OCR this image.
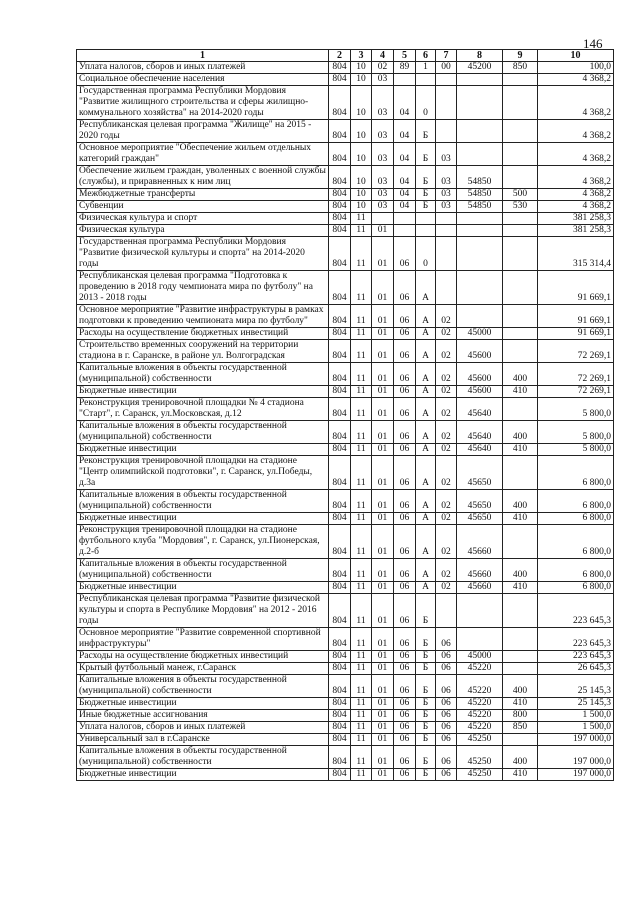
146
1	2	3	4	5	6	7	8	9	10
Уплата налогов, сборов и иных платежей	804	10	02	89	1	00	45200	850	100,0
Социальное обеспечение населения	804	10	03						4 368,2
Государственная программа Республики Мордовия "Развитие жилищного строительства и сферы жилищно-коммунального хозяйства" на 2014-2020 годы	804	10	03	04	0				4 368,2
Республиканская целевая программа "Жилище" на 2015 - 2020 годы	804	10	03	04	Б				4 368,2
Основное мероприятие "Обеспечение жильем отдельных категорий граждан"	804	10	03	04	Б	03			4 368,2
Обеспечение жильем граждан, уволенных с военной службы (службы), и приравненных к ним лиц	804	10	03	04	Б	03	54850		4 368,2
Межбюджетные трансферты	804	10	03	04	Б	03	54850	500	4 368,2
Субвенции	804	10	03	04	Б	03	54850	530	4 368,2
Физическая культура и спорт	804	11							381 258,3
Физическая культура	804	11	01						381 258,3
Государственная программа Республики Мордовия "Развитие физической культуры и спорта" на 2014-2020 годы	804	11	01	06	0				315 314,4
Республиканская целевая программа "Подготовка к проведению в 2018 году чемпионата мира по футболу" на 2013 - 2018 годы	804	11	01	06	А				91 669,1
Основное мероприятие "Развитие инфраструктуры в рамках подготовки к проведению чемпионата мира по футболу"	804	11	01	06	А	02			91 669,1
Расходы на осуществление бюджетных инвестиций	804	11	01	06	А	02	45000		91 669,1
Строительство временных сооружений на территории стадиона в г. Саранске, в районе ул. Волгоградская	804	11	01	06	А	02	45600		72 269,1
Капитальные вложения в объекты государственной (муниципальной) собственности	804	11	01	06	А	02	45600	400	72 269,1
Бюджетные инвестиции	804	11	01	06	А	02	45600	410	72 269,1
Реконструкция тренировочной площадки № 4 стадиона "Старт", г. Саранск, ул.Московская, д.12	804	11	01	06	А	02	45640		5 800,0
Капитальные вложения в объекты государственной (муниципальной) собственности	804	11	01	06	А	02	45640	400	5 800,0
Бюджетные инвестиции	804	11	01	06	А	02	45640	410	5 800,0
Реконструкция тренировочной площадки на стадионе "Центр олимпийской подготовки", г. Саранск, ул.Победы, д.3а	804	11	01	06	А	02	45650		6 800,0
Капитальные вложения в объекты государственной (муниципальной) собственности	804	11	01	06	А	02	45650	400	6 800,0
Бюджетные инвестиции	804	11	01	06	А	02	45650	410	6 800,0
Реконструкция тренировочной площадки на стадионе футбольного клуба "Мордовия", г. Саранск, ул.Пионерская, д.2-б	804	11	01	06	А	02	45660		6 800,0
Капитальные вложения в объекты государственной (муниципальной) собственности	804	11	01	06	А	02	45660	400	6 800,0
Бюджетные инвестиции	804	11	01	06	А	02	45660	410	6 800,0
Республиканская целевая программа "Развитие физической культуры и спорта в Республике Мордовия" на 2012 - 2016 годы	804	11	01	06	Б				223 645,3
Основное мероприятие "Развитие современной спортивной инфраструктуры"	804	11	01	06	Б	06			223 645,3
Расходы на осуществление бюджетных инвестиций	804	11	01	06	Б	06	45000		223 645,3
Крытый футбольный манеж, г.Саранск	804	11	01	06	Б	06	45220		26 645,3
Капитальные вложения в объекты государственной (муниципальной) собственности	804	11	01	06	Б	06	45220	400	25 145,3
Бюджетные инвестиции	804	11	01	06	Б	06	45220	410	25 145,3
Иные бюджетные ассигнования	804	11	01	06	Б	06	45220	800	1 500,0
Уплата налогов, сборов и иных платежей	804	11	01	06	Б	06	45220	850	1 500,0
Универсальный зал в г.Саранске	804	11	01	06	Б	06	45250		197 000,0
Капитальные вложения в объекты государственной (муниципальной) собственности	804	11	01	06	Б	06	45250	400	197 000,0
Бюджетные инвестиции	804	11	01	06	Б	06	45250	410	197 000,0
